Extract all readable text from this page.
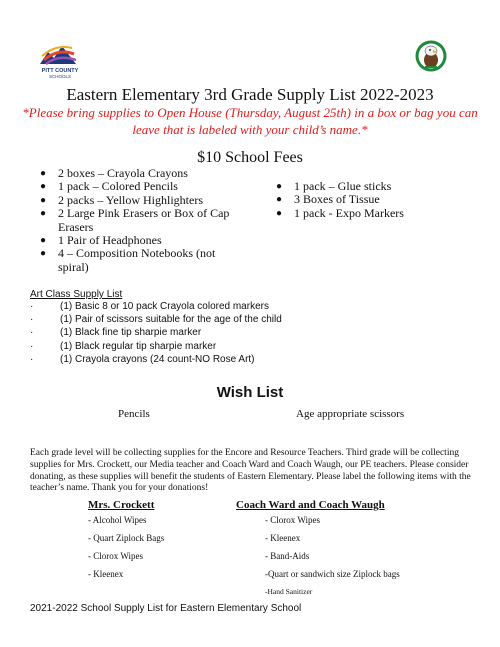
PITT COUNTY
SCHOOLS
Eastern Elementary 3rd Grade Supply List 2022-2023
*Please bring supplies to Open House (Thursday, August 25th) in a box or bag you can leave that is labeled with your child’s name.*
$10 School Fees
● 2 boxes – Crayola Crayons
● 1 pack – Colored Pencils
● 2 packs – Yellow Highlighters
● 2 Large Pink Erasers or Box of Cap Erasers
● 1 Pair of Headphones
● 4 – Composition Notebooks (not spiral)
● 1 pack – Glue sticks
● 3 Boxes of Tissue
● 1 pack - Expo Markers
Art Class Supply List
· (1) Basic 8 or 10 pack Crayola colored markers
· (1) Pair of scissors suitable for the age of the child
· (1) Black fine tip sharpie marker
· (1) Black regular tip sharpie marker
· (1) Crayola crayons (24 count-NO Rose Art)
Wish List
Pencils	Age appropriate scissors
Each grade level will be collecting supplies for the Encore and Resource Teachers. Third grade will be collecting supplies for Mrs. Crockett, our Media teacher and Coach Ward and Coach Waugh, our PE teachers. Please consider donating, as these supplies will benefit the students of Eastern Elementary. Please label the following items with the teacher’s name. Thank you for your donations!
Mrs. Crockett	Coach Ward and Coach Waugh
- Alcohol Wipes
- Quart Ziplock Bags
- Clorox Wipes
- Kleenex
- Clorox Wipes
- Kleenex
- Band-Aids
-Quart or sandwich size Ziplock bags
-Hand Sanitizer
2021-2022 School Supply List for Eastern Elementary School
